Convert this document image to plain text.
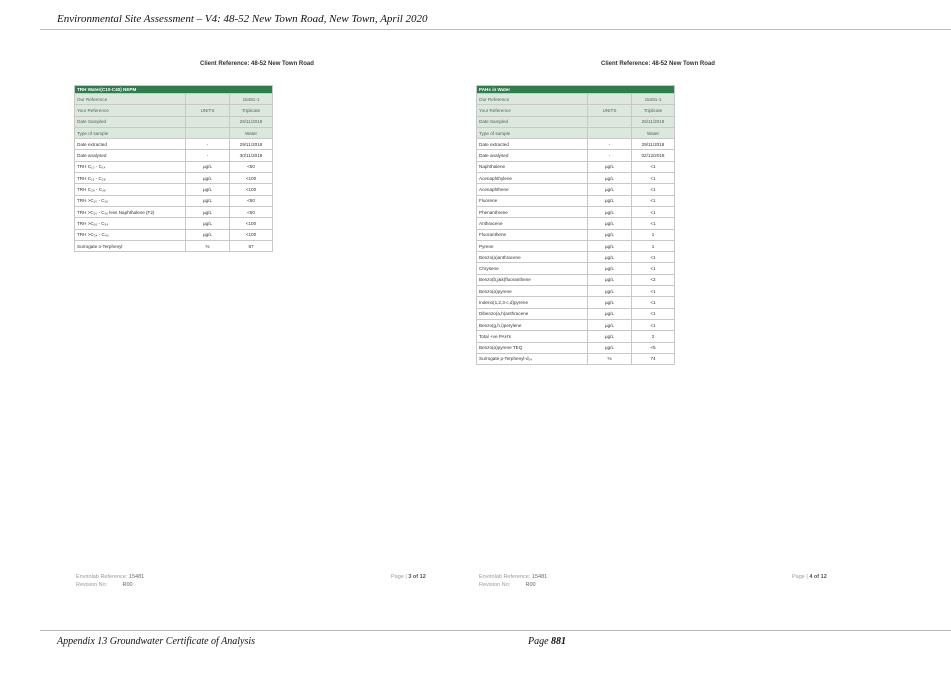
Environmental Site Assessment – V4: 48-52 New Town Road, New Town, April 2020
Client Reference: 48-52 New Town Road
TRH Water(C10-C40) NEPM		
Our Reference		15481-1
Your Reference	UNITS	Triplicate
Date Sampled		26/11/2018
Type of sample		Water
Date extracted	-	29/11/2018
Date analysed	-	30/11/2018
TRH C₁₀ - C₁₄	µg/L	<50
TRH C₁₅ - C₂₈	µg/L	<100
TRH C₂₉ - C₃₆	µg/L	<100
TRH >C₁₀ - C₁₆	µg/L	<50
TRH >C₁₀ - C₁₆ less Naphthalene (F2)	µg/L	<50
TRH >C₁₆ - C₃₄	µg/L	<100
TRH >C₃₄ - C₄₀	µg/L	<100
Surrogate o-Terphenyl	%	87
Client Reference: 48-52 New Town Road
PAHs in Water		
Our Reference		15481-1
Your Reference	UNITS	Triplicate
Date Sampled		26/11/2018
Type of sample		Water
Date extracted	-	29/11/2018
Date analysed	-	02/12/2018
Naphthalene	µg/L	<1
Acenaphthylene	µg/L	<1
Acenaphthene	µg/L	<1
Fluorene	µg/L	<1
Phenanthrene	µg/L	<1
Anthracene	µg/L	<1
Fluoranthene	µg/L	1
Pyrene	µg/L	1
Benzo(a)anthracene	µg/L	<1
Chrysene	µg/L	<1
Benzo(b,j&k)fluoranthene	µg/L	<2
Benzo(a)pyrene	µg/L	<1
Indeno(1,2,3-c,d)pyrene	µg/L	<1
Dibenzo(a,h)anthracene	µg/L	<1
Benzo(g,h,i)perylene	µg/L	<1
Total +ve PAH's	µg/L	2
Benzo(a)pyrene TEQ	µg/L	<5
Surrogate p-Terphenyl-d₁₄	%	74
Envirolab Reference: 15481
Revision No:	R00
Page | 3 of 12	Envirolab Reference: 15481
Revision No:	R00
Page | 4 of 12
Appendix 13 Groundwater Certificate of Analysis	Page 881
